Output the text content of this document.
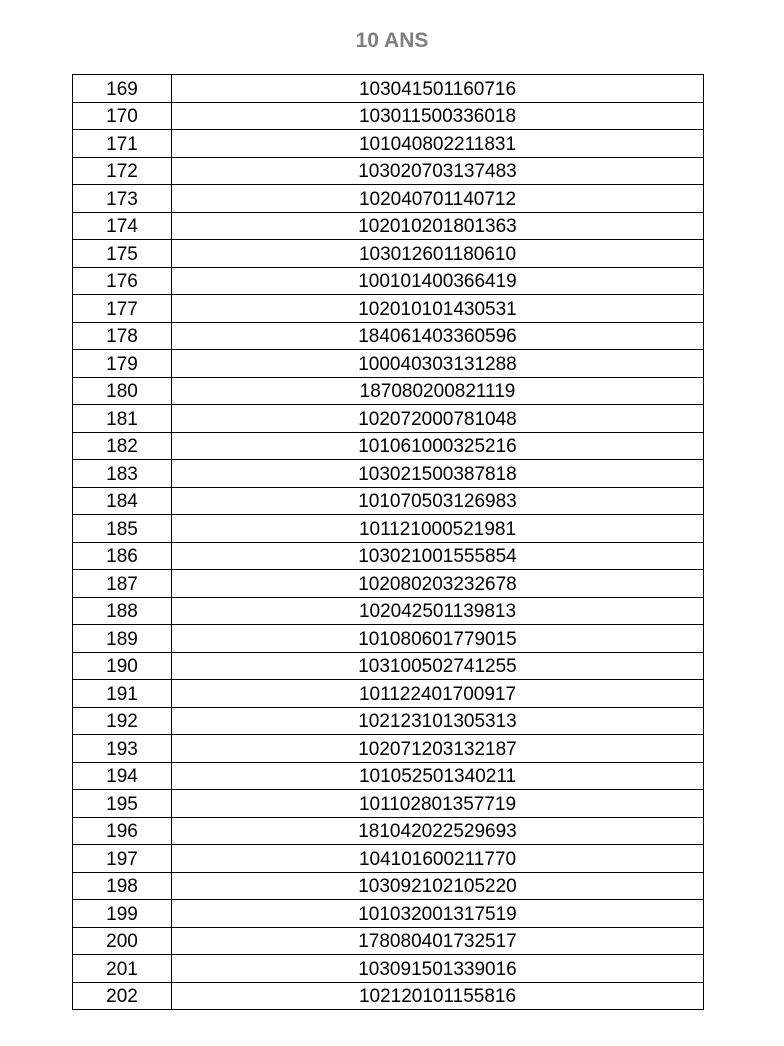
10 ANS
169	103041501160716
170	103011500336018
171	101040802211831
172	103020703137483
173	102040701140712
174	102010201801363
175	103012601180610
176	100101400366419
177	102010101430531
178	184061403360596
179	100040303131288
180	187080200821119
181	102072000781048
182	101061000325216
183	103021500387818
184	101070503126983
185	101121000521981
186	103021001555854
187	102080203232678
188	102042501139813
189	101080601779015
190	103100502741255
191	101122401700917
192	102123101305313
193	102071203132187
194	101052501340211
195	101102801357719
196	181042022529693
197	104101600211770
198	103092102105220
199	101032001317519
200	178080401732517
201	103091501339016
202	102120101155816
